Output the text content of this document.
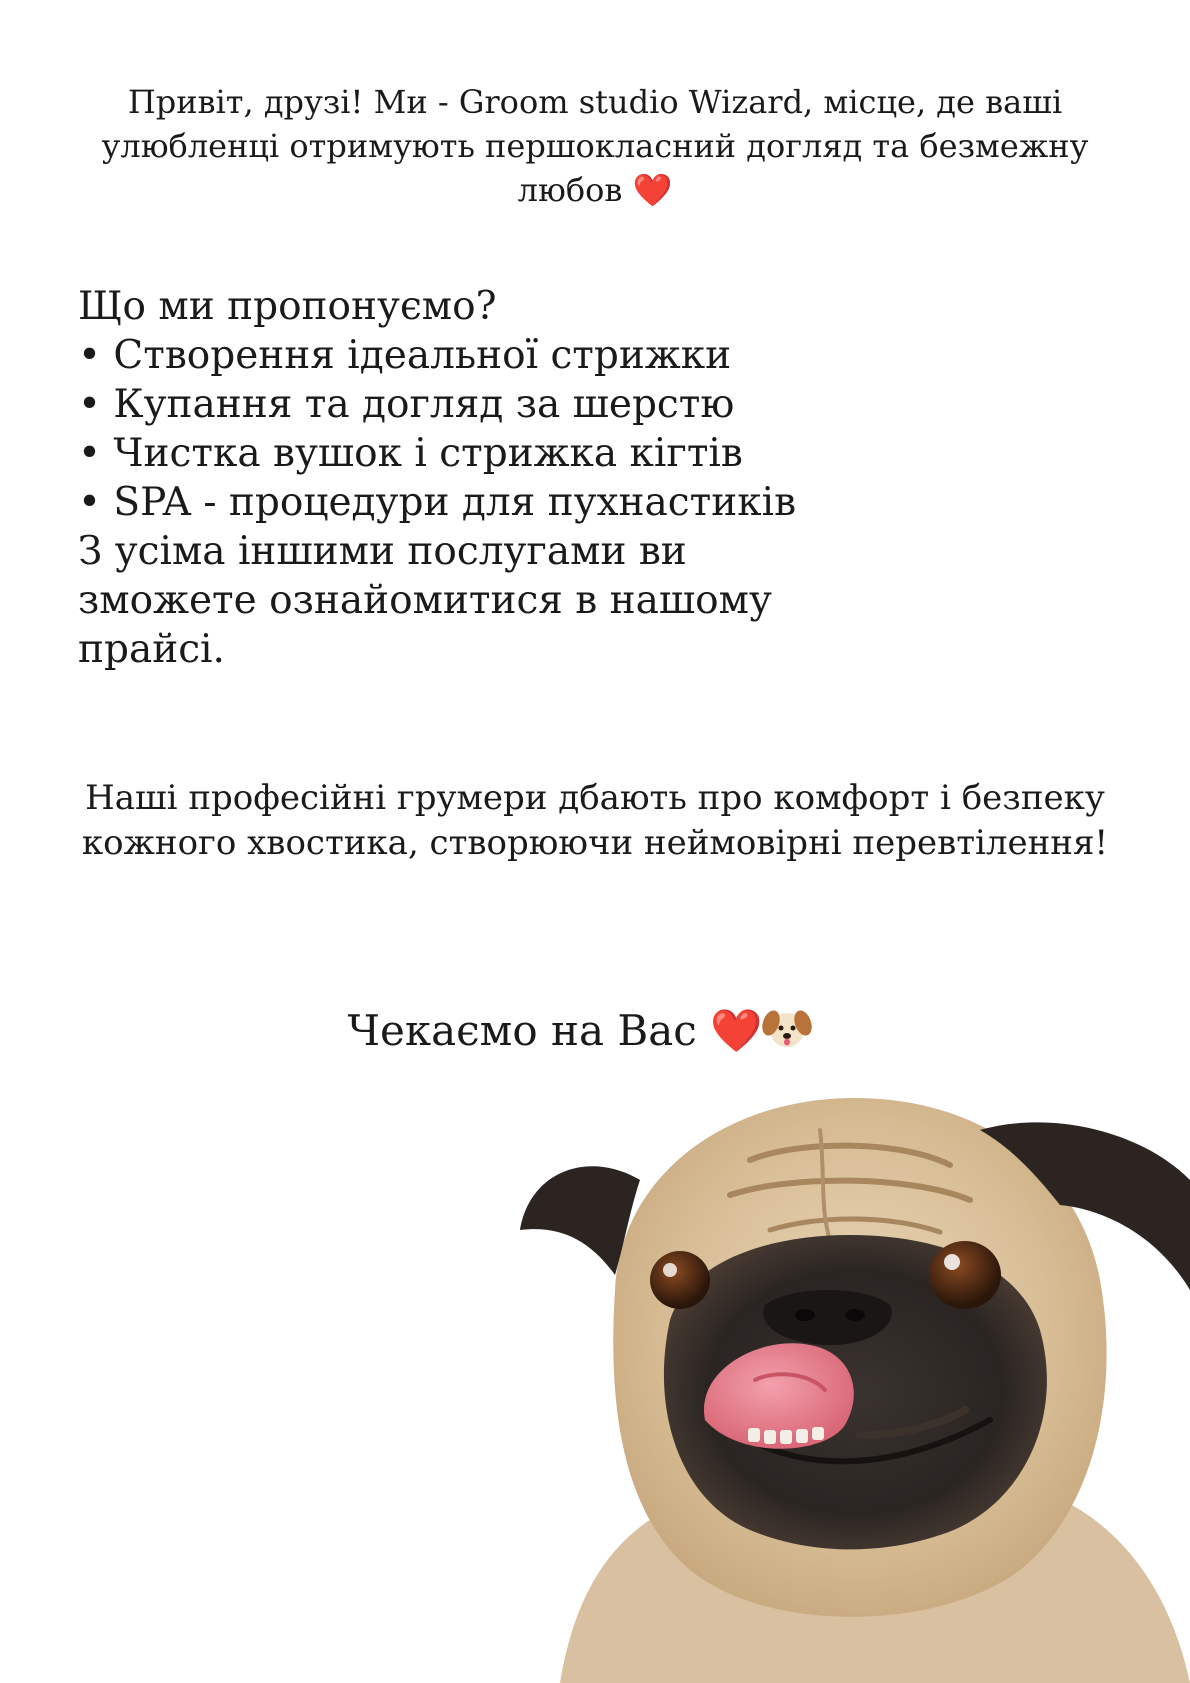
Привіт, друзі! Ми - Groom studio Wizard, місце, де ваші улюбленці отримують першокласний догляд та безмежну любов ❤️

Що ми пропонуємо?

• Створення ідеальної стрижки
• Купання та догляд за шерстю
• Чистка вушок і стрижка кігтів
• SPA - процедури для пухнастиків

З усіма іншими послугами ви зможете ознайомитися в нашому прайсі.

Наші професійні грумери дбають про комфорт і безпеку кожного хвостика, створюючи неймовірні перевтілення!

Чекаємо на Вас ❤️
